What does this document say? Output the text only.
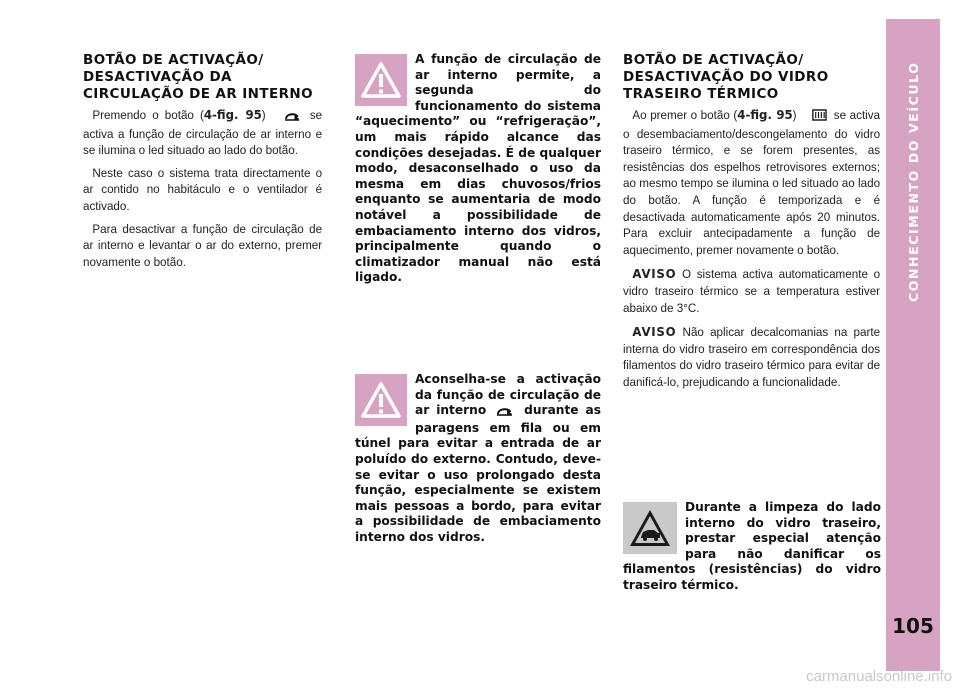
BOTÃO DE ACTIVAÇÃO/ DESACTIVAÇÃO DA CIRCULAÇÃO DE AR INTERNO

Premendo o botão (4-fig. 95)	se activa a função de circulação de ar interno e se ilumina o led situado ao lado do botão.

Neste caso o sistema trata directamente o ar contido no habitáculo e o ventilador é activado.

Para desactivar a função de circulação de ar interno e levantar o ar do externo, premer novamente o botão.

A função de circulação de ar interno permite, a segunda do funcionamento do sistema “aquecimento” ou “refrigeração”, um mais rápido alcance das condições desejadas. É de qualquer modo, desaconselhado o uso da mesma em dias chuvosos/frios enquanto se aumentaria de modo notável a possibilidade de embaciamento interno dos vidros, principalmente quando o climatizador manual não está ligado.

Aconselha-se a activação da função de circulação de ar interno	durante as paragens em fila ou em túnel para evitar a entrada de ar poluído do externo. Contudo, deve-se evitar o uso prolongado desta função, especialmente se existem mais pessoas a bordo, para evitar a possibilidade de embaciamento interno dos vidros.

BOTÃO DE ACTIVAÇÃO/ DESACTIVAÇÃO DO VIDRO TRASEIRO TÉRMICO

Ao premer o botão (4-fig. 95)	se activa o desembaciamento/descongelamento do vidro traseiro térmico, e se forem presentes, as resistências dos espelhos retrovisores externos; ao mesmo tempo se ilumina o led situado ao lado do botão. A função é temporizada e é desactivada automaticamente após 20 minutos. Para excluir antecipadamente a função de aquecimento, premer novamente o botão.

AVISO O sistema activa automaticamente o vidro traseiro térmico se a temperatura estiver abaixo de 3°C.

AVISO Não aplicar decalcomanias na parte interna do vidro traseiro em correspondência dos filamentos do vidro traseiro térmico para evitar de danificá-lo, prejudicando a funcionalidade.

Durante a limpeza do lado interno do vidro traseiro, prestar especial atenção para não danificar os filamentos (resistências) do vidro traseiro térmico.

CONHECIMENTO DO VEÍCULO
105
carmanualsonline.info
